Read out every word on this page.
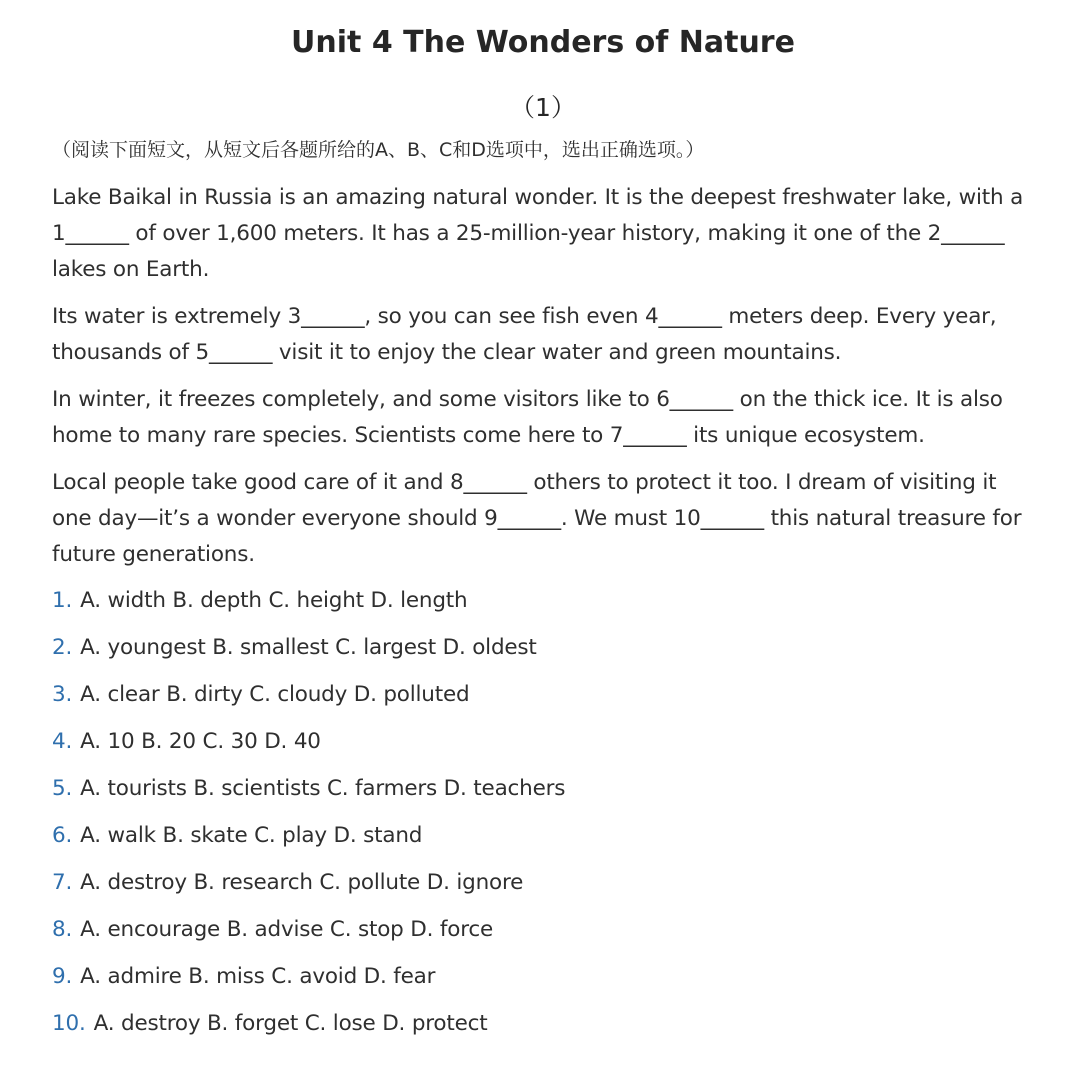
Unit 4 The Wonders of Nature
（1）
（阅读下面短文，从短文后各题所给的A、B、C和D选项中，选出正确选项。）

Lake Baikal in Russia is an amazing natural wonder. It is the deepest freshwater lake, with a 1______ of over 1,600 meters. It has a 25-million-year history, making it one of the 2______ lakes on Earth.

Its water is extremely 3______, so you can see fish even 4______ meters deep. Every year, thousands of 5______ visit it to enjoy the clear water and green mountains.

In winter, it freezes completely, and some visitors like to 6______ on the thick ice. It is also home to many rare species. Scientists come here to 7______ its unique ecosystem.

Local people take good care of it and 8______ others to protect it too. I dream of visiting it one day—it’s a wonder everyone should 9______. We must 10______ this natural treasure for future generations.

1. A. width B. depth C. height D. length
2. A. youngest B. smallest C. largest D. oldest
3. A. clear B. dirty C. cloudy D. polluted
4. A. 10 B. 20 C. 30 D. 40
5. A. tourists B. scientists C. farmers D. teachers
6. A. walk B. skate C. play D. stand
7. A. destroy B. research C. pollute D. ignore
8. A. encourage B. advise C. stop D. force
9. A. admire B. miss C. avoid D. fear
10. A. destroy B. forget C. lose D. protect
